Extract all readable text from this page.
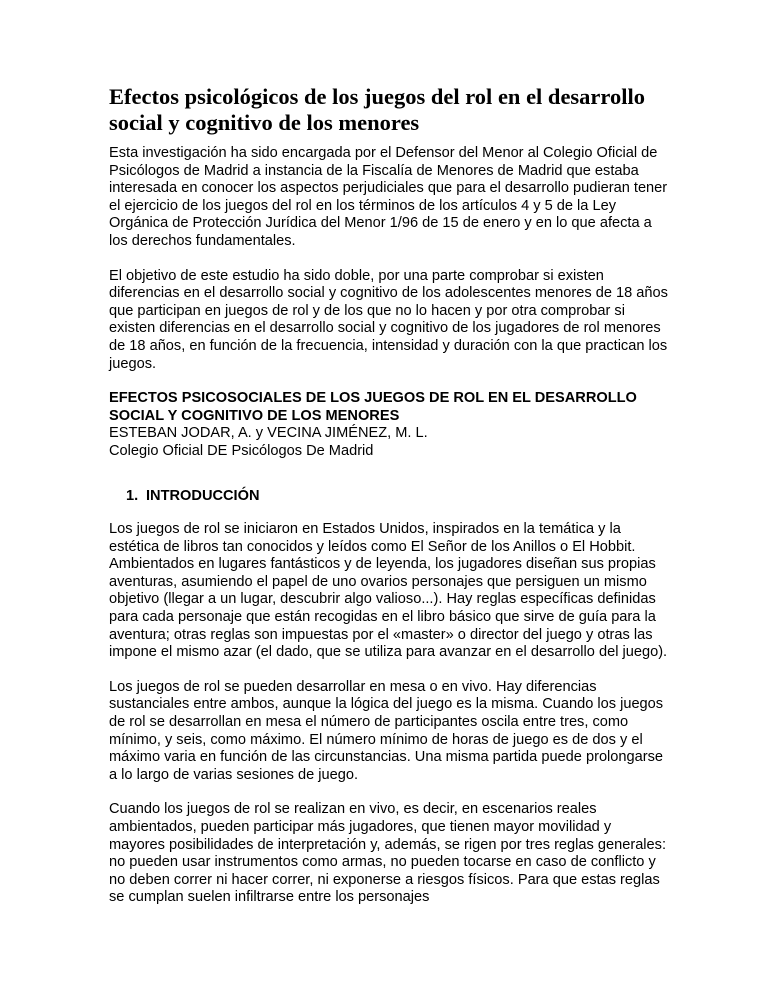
Efectos psicológicos de los juegos del rol en el desarrollo social y cognitivo de los menores

Esta investigación ha sido encargada por el Defensor del Menor al Colegio Oficial de Psicólogos de Madrid a instancia de la Fiscalía de Menores de Madrid que estaba interesada en conocer los aspectos perjudiciales que para el desarrollo pudieran tener el ejercicio de los juegos del rol en los términos de los artículos 4 y 5 de la Ley Orgánica de Protección Jurídica del Menor 1/96 de 15 de enero y en lo que afecta a los derechos fundamentales.

El objetivo de este estudio ha sido doble, por una parte comprobar si existen diferencias en el desarrollo social y cognitivo de los adolescentes menores de 18 años que participan en juegos de rol y de los que no lo hacen y por otra comprobar si existen diferencias en el desarrollo social y cognitivo de los jugadores de rol menores de 18 años, en función de la frecuencia, intensidad y duración con la que practican los juegos.

EFECTOS PSICOSOCIALES DE LOS JUEGOS DE ROL EN EL DESARROLLO SOCIAL Y COGNITIVO DE LOS MENORES
ESTEBAN JODAR, A. y VECINA JIMÉNEZ, M. L.
Colegio Oficial DE Psicólogos De Madrid
1. INTRODUCCIÓN

Los juegos de rol se iniciaron en Estados Unidos, inspirados en la temática y la estética de libros tan conocidos y leídos como El Señor de los Anillos o El Hobbit. Ambientados en lugares fantásticos y de leyenda, los jugadores diseñan sus propias aventuras, asumiendo el papel de uno ovarios personajes que persiguen un mismo objetivo (llegar a un lugar, descubrir algo valioso...). Hay reglas específicas definidas para cada personaje que están recogidas en el libro básico que sirve de guía para la aventura; otras reglas son impuestas por el «master» o director del juego y otras las impone el mismo azar (el dado, que se utiliza para avanzar en el desarrollo del juego).

Los juegos de rol se pueden desarrollar en mesa o en vivo. Hay diferencias sustanciales entre ambos, aunque la lógica del juego es la misma. Cuando los juegos de rol se desarrollan en mesa el número de participantes oscila entre tres, como mínimo, y seis, como máximo. El número mínimo de horas de juego es de dos y el máximo varia en función de las circunstancias. Una misma partida puede prolongarse a lo largo de varias sesiones de juego.

Cuando los juegos de rol se realizan en vivo, es decir, en escenarios reales ambientados, pueden participar más jugadores, que tienen mayor movilidad y mayores posibilidades de interpretación y, además, se rigen por tres reglas generales: no pueden usar instrumentos como armas, no pueden tocarse en caso de conflicto y no deben correr ni hacer correr, ni exponerse a riesgos físicos. Para que estas reglas se cumplan suelen infiltrarse entre los personajes
